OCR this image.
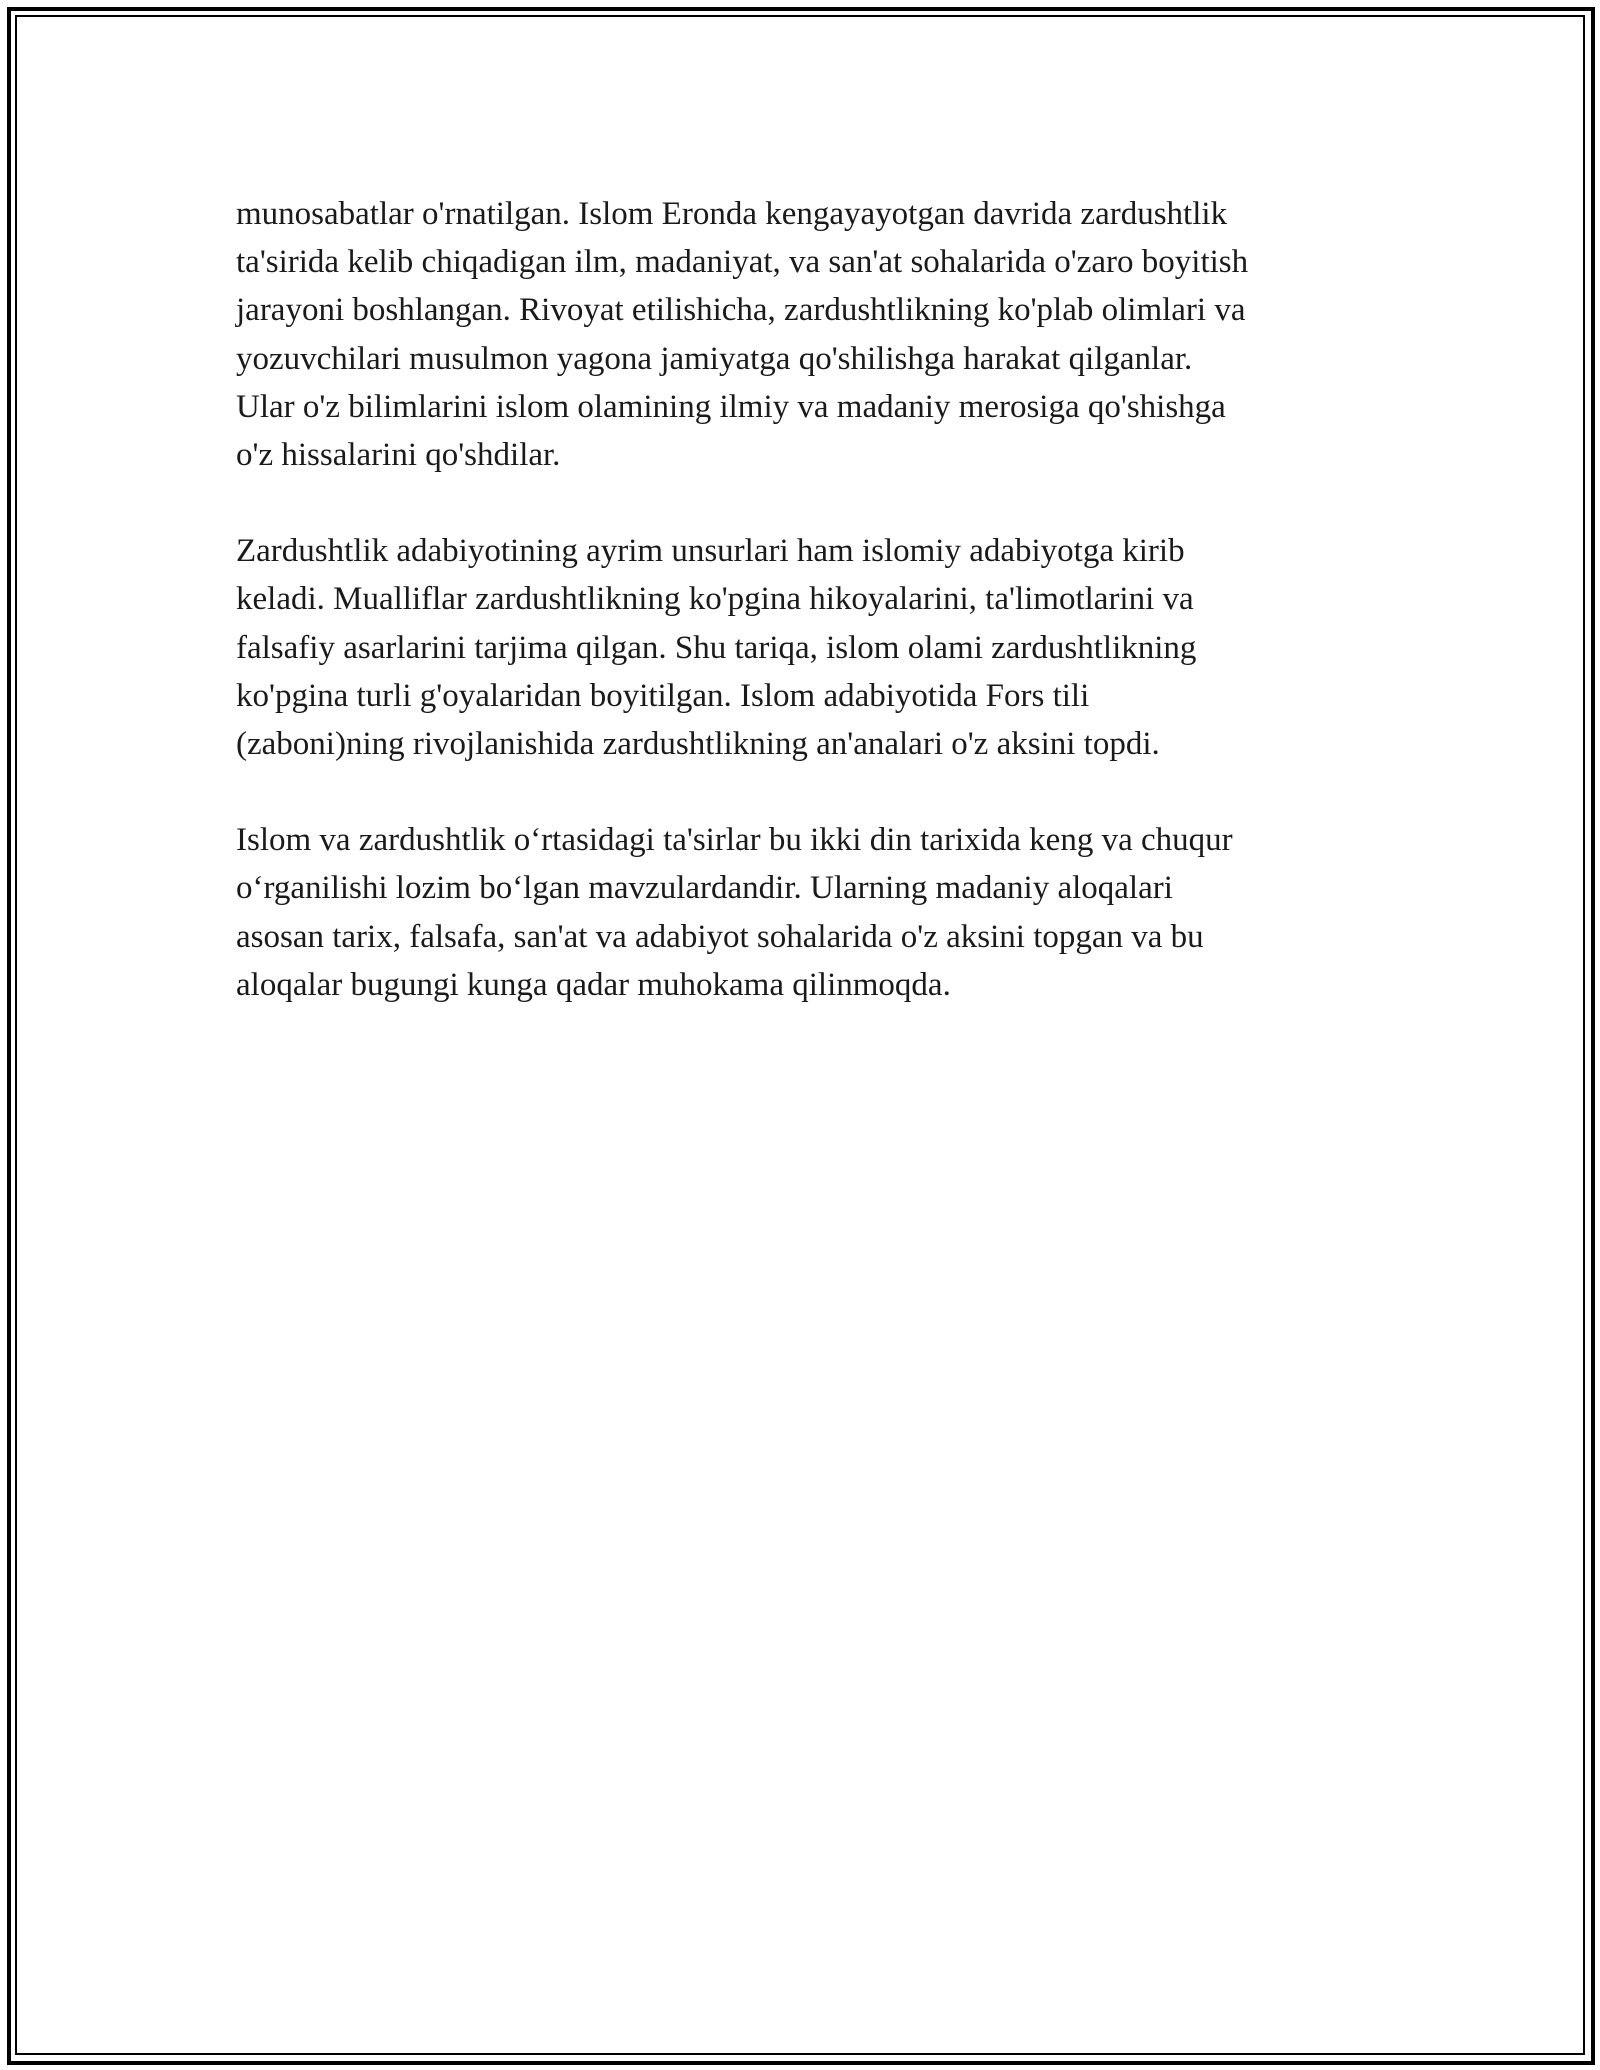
munosabatlar o'rnatilgan. Islom Eronda kengayayotgan davrida zardushtlik
ta'sirida kelib chiqadigan ilm, madaniyat, va san'at sohalarida o'zaro boyitish
jarayoni boshlangan. Rivoyat etilishicha, zardushtlikning ko'plab olimlari va
yozuvchilari musulmon yagona jamiyatga qo'shilishga harakat qilganlar.
Ular o'z bilimlarini islom olamining ilmiy va madaniy merosiga qo'shishga
o'z hissalarini qo'shdilar.

Zardushtlik adabiyotining ayrim unsurlari ham islomiy adabiyotga kirib
keladi. Mualliflar zardushtlikning ko'pgina hikoyalarini, ta'limotlarini va
falsafiy asarlarini tarjima qilgan. Shu tariqa, islom olami zardushtlikning
ko'pgina turli g'oyalaridan boyitilgan. Islom adabiyotida Fors tili
(zaboni)ning rivojlanishida zardushtlikning an'analari o'z aksini topdi.

Islom va zardushtlik o‘rtasidagi ta'sirlar bu ikki din tarixida keng va chuqur
o‘rganilishi lozim bo‘lgan mavzulardandir. Ularning madaniy aloqalari
asosan tarix, falsafa, san'at va adabiyot sohalarida o'z aksini topgan va bu
aloqalar bugungi kunga qadar muhokama qilinmoqda.
